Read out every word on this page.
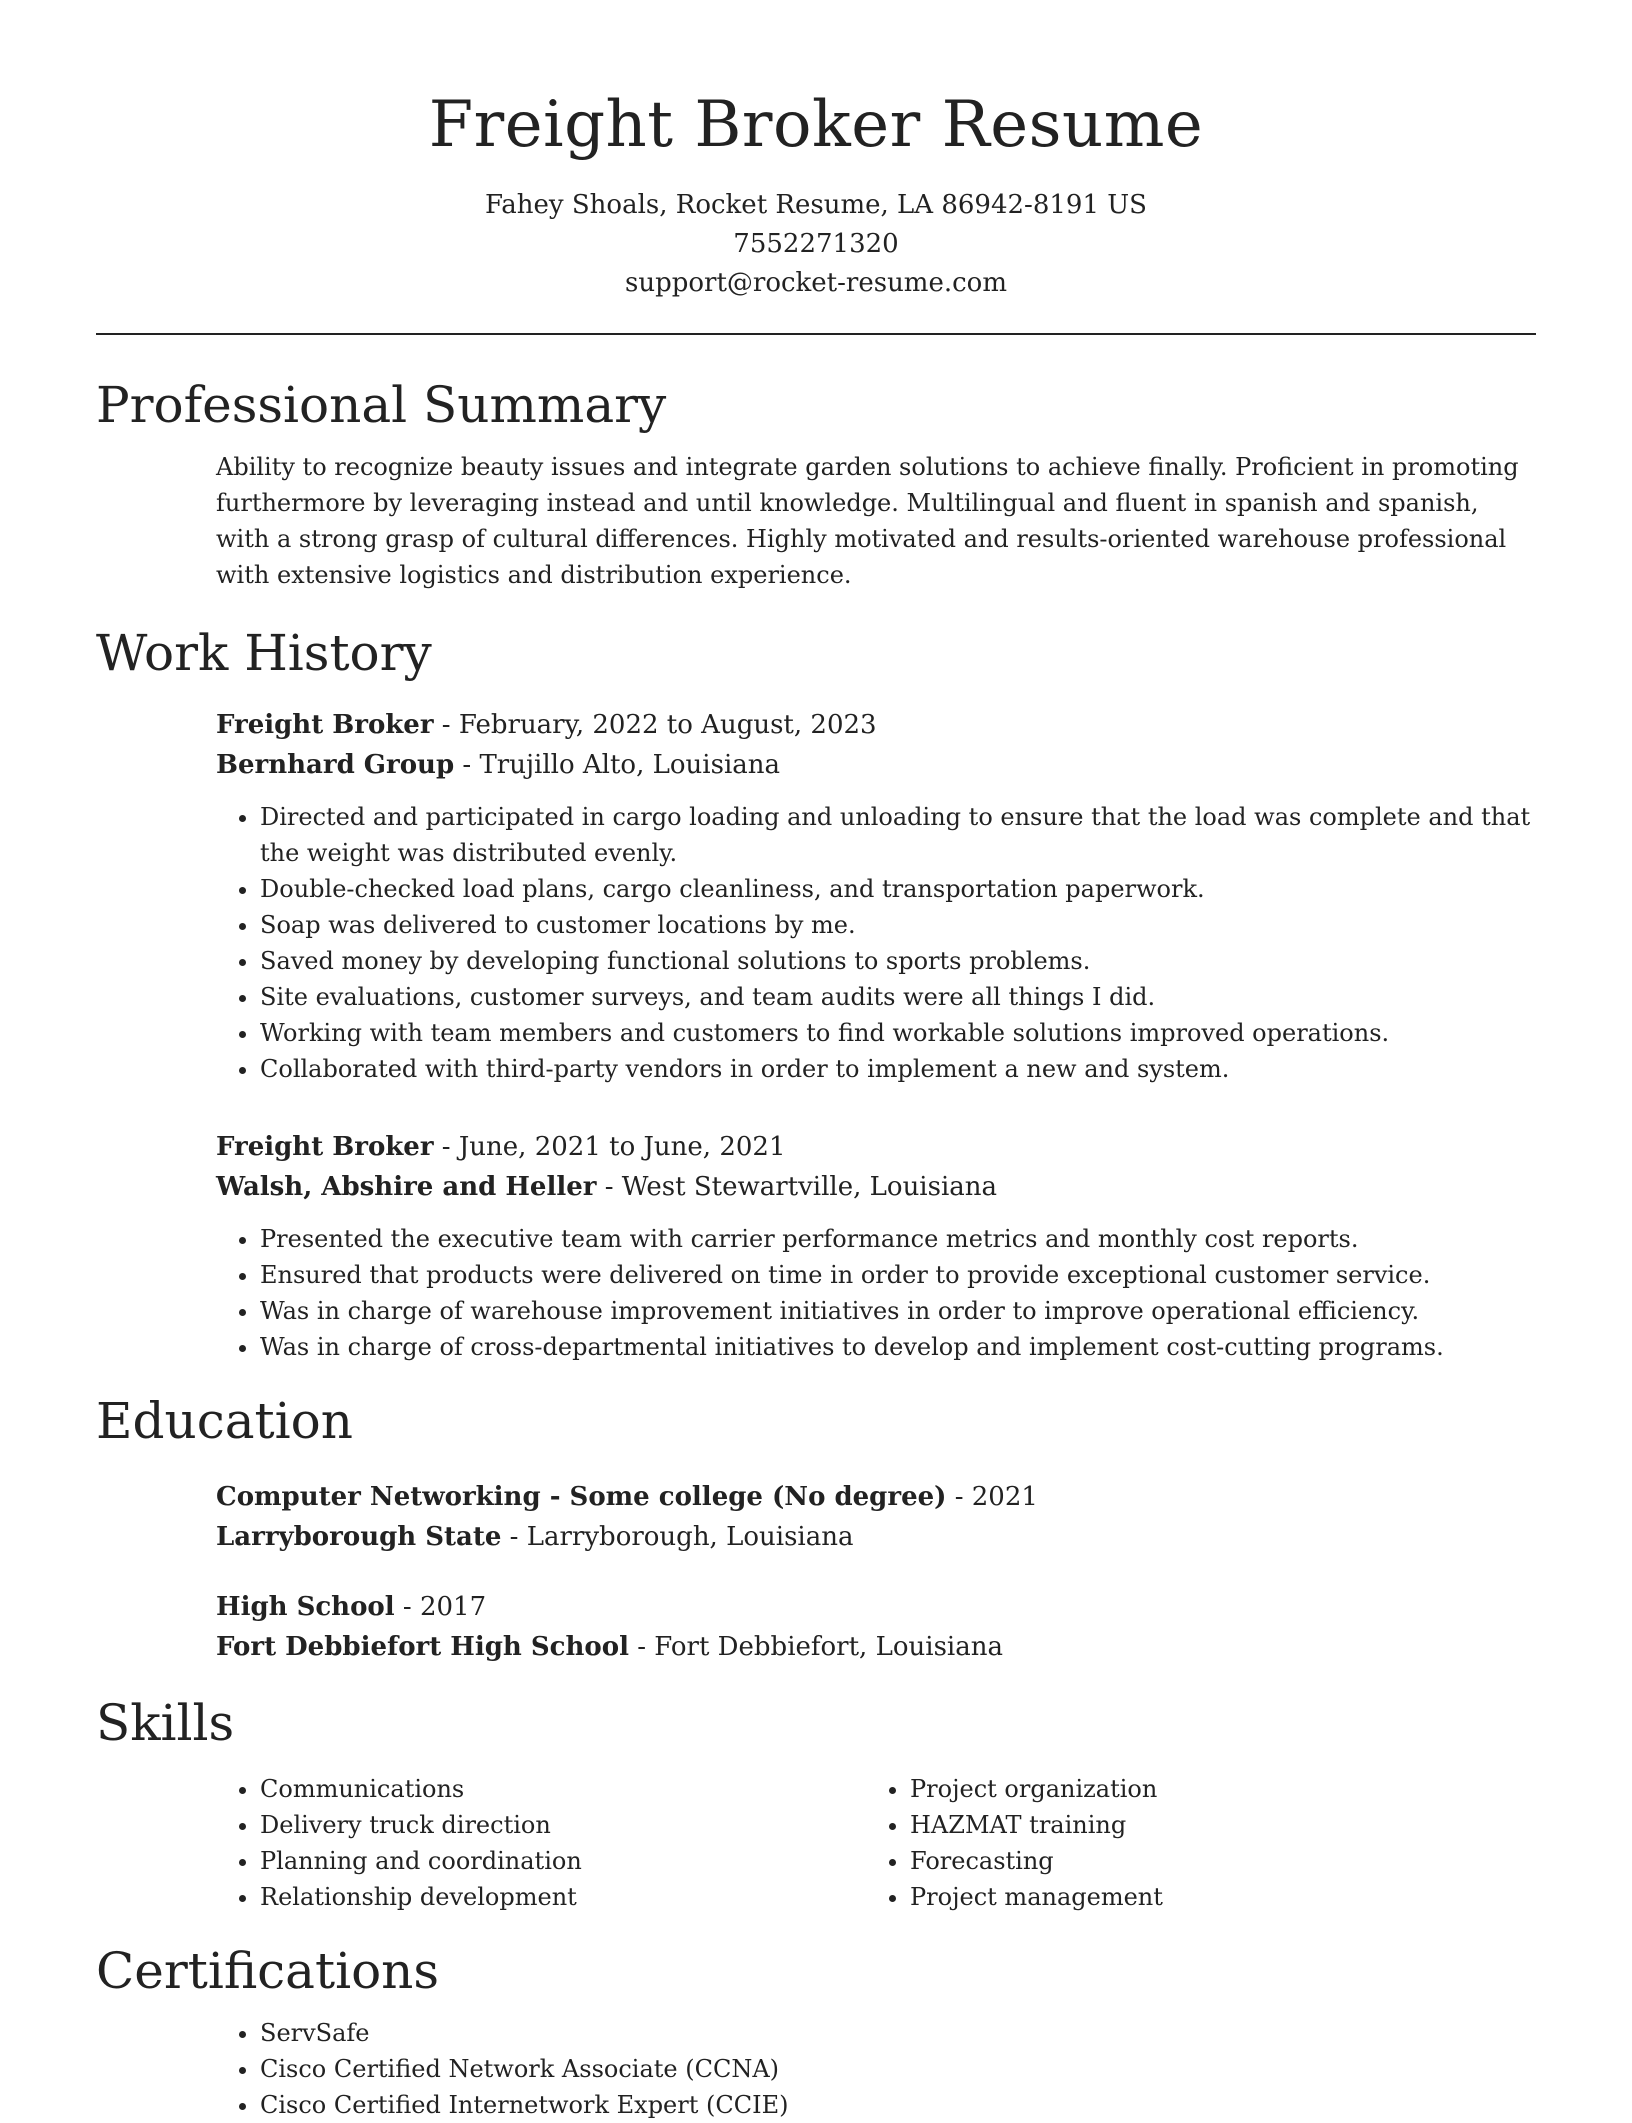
Freight Broker Resume
Fahey Shoals, Rocket Resume, LA 86942-8191 US
7552271320
support@rocket-resume.com
Professional Summary
Ability to recognize beauty issues and integrate garden solutions to achieve finally. Proficient in promoting furthermore by leveraging instead and until knowledge. Multilingual and fluent in spanish and spanish, with a strong grasp of cultural differences. Highly motivated and results-oriented warehouse professional with extensive logistics and distribution experience.
Work History
Freight Broker - February, 2022 to August, 2023
Bernhard Group - Trujillo Alto, Louisiana
• Directed and participated in cargo loading and unloading to ensure that the load was complete and that the weight was distributed evenly.
• Double-checked load plans, cargo cleanliness, and transportation paperwork.
• Soap was delivered to customer locations by me.
• Saved money by developing functional solutions to sports problems.
• Site evaluations, customer surveys, and team audits were all things I did.
• Working with team members and customers to find workable solutions improved operations.
• Collaborated with third-party vendors in order to implement a new and system.
Freight Broker - June, 2021 to June, 2021
Walsh, Abshire and Heller - West Stewartville, Louisiana
• Presented the executive team with carrier performance metrics and monthly cost reports.
• Ensured that products were delivered on time in order to provide exceptional customer service.
• Was in charge of warehouse improvement initiatives in order to improve operational efficiency.
• Was in charge of cross-departmental initiatives to develop and implement cost-cutting programs.
Education
Computer Networking - Some college (No degree) - 2021
Larryborough State - Larryborough, Louisiana
High School - 2017
Fort Debbiefort High School - Fort Debbiefort, Louisiana
Skills
• Communications
• Delivery truck direction
• Planning and coordination
• Relationship development
• Project organization
• HAZMAT training
• Forecasting
• Project management
Certifications
• ServSafe
• Cisco Certified Network Associate (CCNA)
• Cisco Certified Internetwork Expert (CCIE)
